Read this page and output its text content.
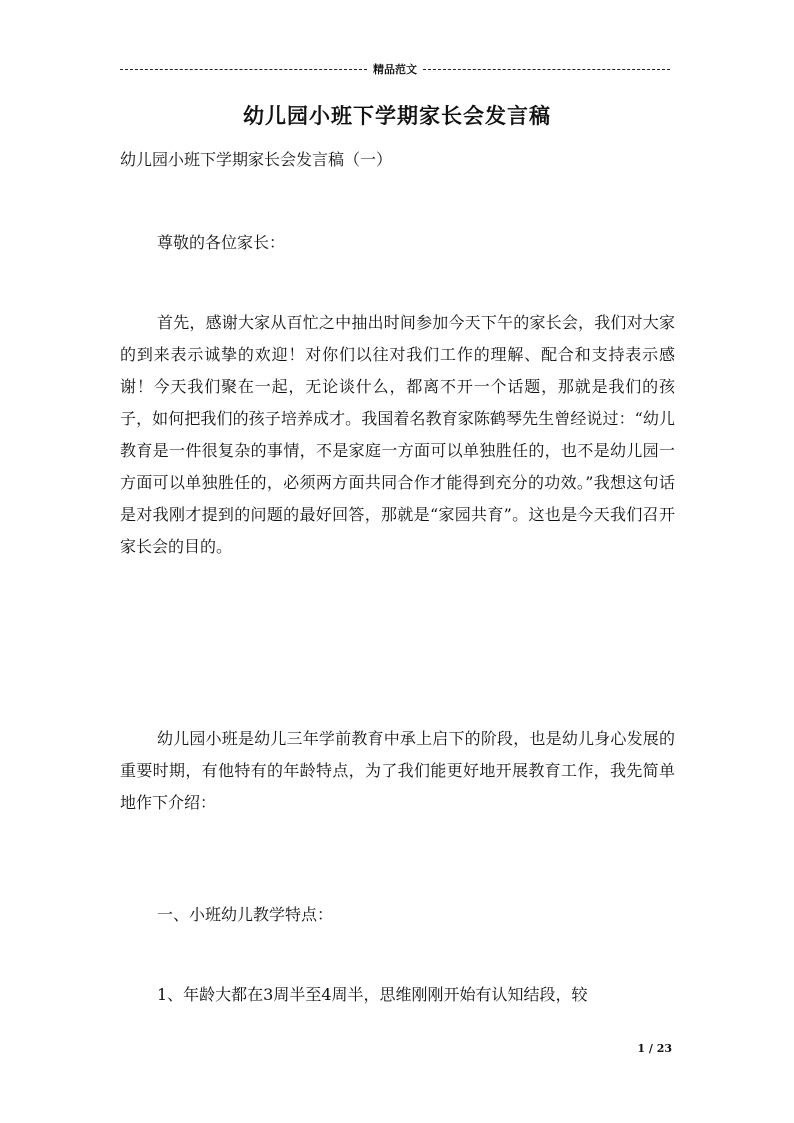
精品范文
幼儿园小班下学期家长会发言稿
幼儿园小班下学期家长会发言稿（一）

尊敬的各位家长：

首先，感谢大家从百忙之中抽出时间参加今天下午的家长会，我们对大家的到来表示诚挚的欢迎！对你们以往对我们工作的理解、配合和支持表示感谢！今天我们聚在一起，无论谈什么，都离不开一个话题，那就是我们的孩子，如何把我们的孩子培养成才。我国着名教育家陈鹤琴先生曾经说过：“幼儿教育是一件很复杂的事情，不是家庭一方面可以单独胜任的，也不是幼儿园一方面可以单独胜任的，必须两方面共同合作才能得到充分的功效。”我想这句话是对我刚才提到的问题的最好回答，那就是“家园共育”。这也是今天我们召开家长会的目的。

幼儿园小班是幼儿三年学前教育中承上启下的阶段，也是幼儿身心发展的重要时期，有他特有的年龄特点，为了我们能更好地开展教育工作，我先简单地作下介绍：

一、小班幼儿教学特点：

1、年龄大都在3周半至4周半，思维刚刚开始有认知结段，较

1 / 23
